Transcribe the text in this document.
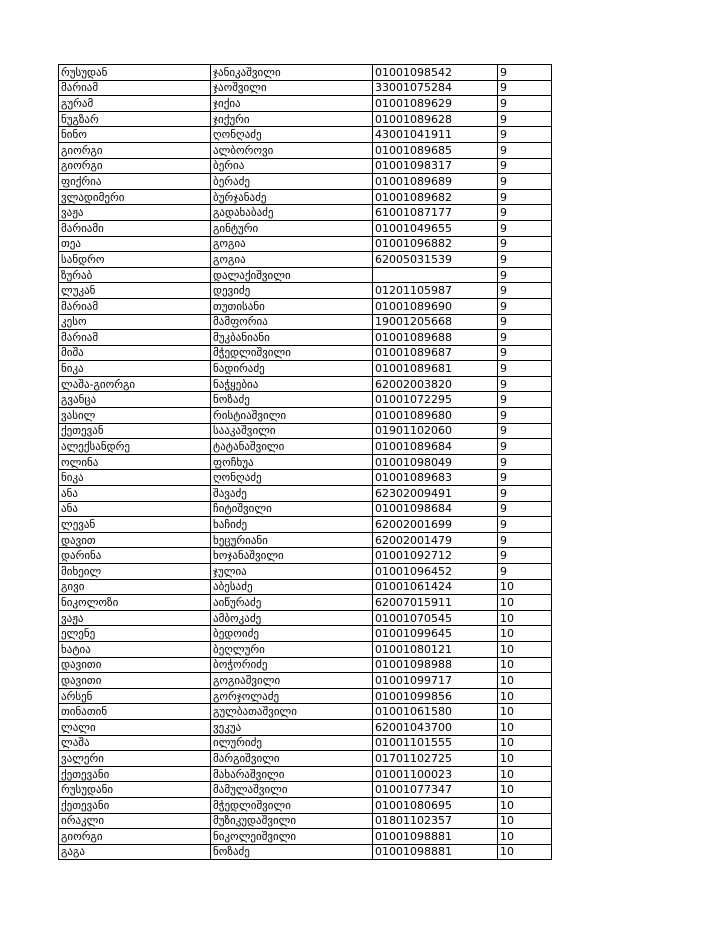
რუსუდან	ჯანიკაშვილი	01001098542	9
მარიამ	ჯაოშვილი	33001075284	9
გურამ	ჯიქია	01001089629	9
ნუგზარ	ჯიქური	01001089628	9
ნინო	ღონღაძე	43001041911	9
გიორგი	ალბოროვი	01001089685	9
გიორგი	ბერია	01001098317	9
ფიქრია	ბერაძე	01001089689	9
ვლადიმერი	ბურჯანაძე	01001089682	9
ვაჟა	გადახაბაძე	61001087177	9
მარიამი	გინტური	01001049655	9
თეა	გოგია	01001096882	9
სანდრო	გოგია	62005031539	9
ზურაბ	დალაქიშვილი		9
ლუკან	დევიძე	01201105987	9
მარიამ	თუთისანი	01001089690	9
კესო	მამფორია	19001205668	9
მარიამ	მუკბანიანი	01001089688	9
მიშა	მჭედლიშვილი	01001089687	9
ნიკა	ნადირაძე	01001089681	9
ლაშა-გიორგი	ნაჭყებია	62002003820	9
გვანცა	ნოზაძე	01001072295	9
ვასილ	რისტიაშვილი	01001089680	9
ქეთევან	სააკაშვილი	01901102060	9
ალექსანდრე	ტატანაშვილი	01001089684	9
ოლინა	ფოჩხუა	01001098049	9
ნიკა	ღონღაძე	01001089683	9
ანა	შავაძე	62302009491	9
ანა	ჩიტიშვილი	01001098684	9
ლევან	ხაჩიძე	62002001699	9
დავით	ხეცურიანი	62002001479	9
დარინა	ხოჯანაშვილი	01001092712	9
მიხეილ	ჯულია	01001096452	9
გივი	აბესაძე	01001061424	10
ნიკოლოზი	აიწურაძე	62007015911	10
ვაჟა	ამბოკაძე	01001070545	10
ელენე	ბედოიძე	01001099645	10
ხატია	ბეღლური	01001080121	10
დავითი	ბოჭორიძე	01001098988	10
დავითი	გოგიაშვილი	01001099717	10
არსენ	გორჯოლაძე	01001099856	10
თინათინ	გულბათაშვილი	01001061580	10
ლალი	ვეკუა	62001043700	10
ლაშა	ილურიძე	01001101555	10
ვალერი	მარგიშვილი	01701102725	10
ქეთევანი	მახარაშვილი	01001100023	10
რუსუდანი	მამულაშვილი	01001077347	10
ქეთევანი	მჭედლიშვილი	01001080695	10
ირაკლი	მუზიკუდაშვილი	01801102357	10
გიორგი	ნიკოლეიშვილი	01001098881	10
გაგა	ნოზაძე	01001098881	10
